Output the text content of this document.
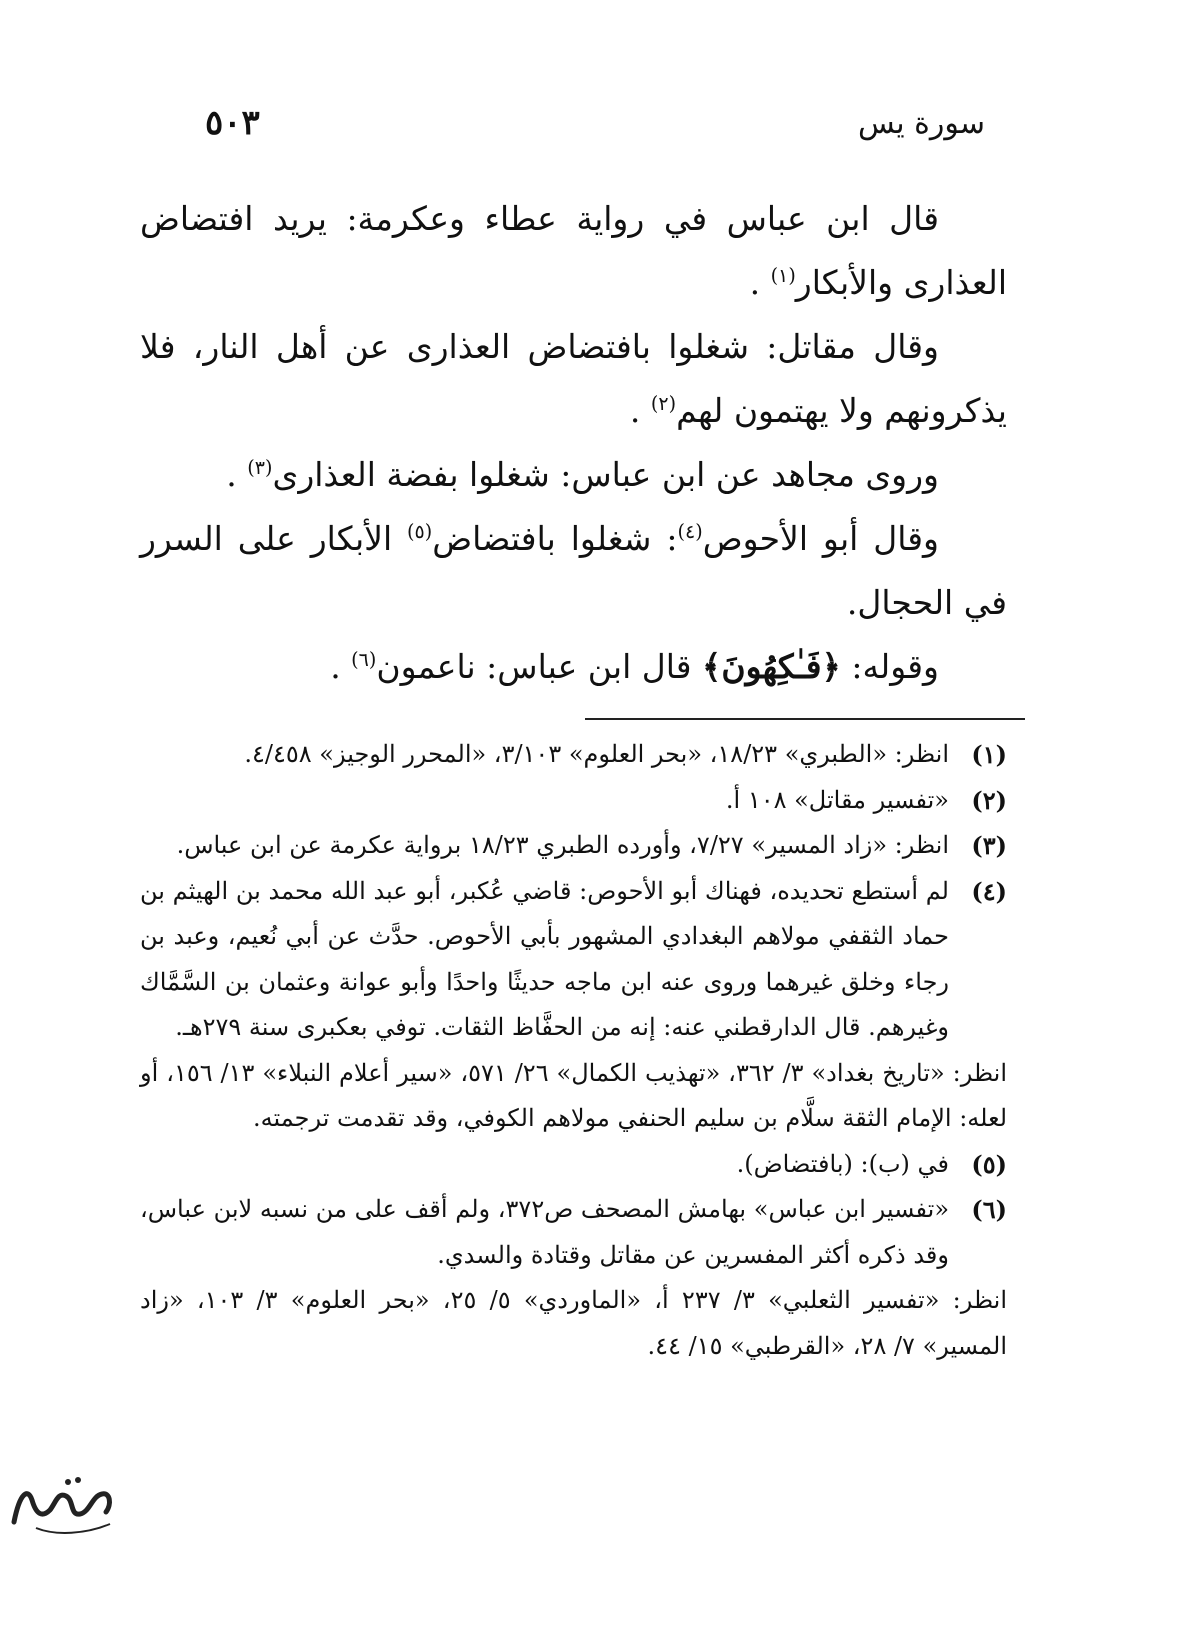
سورة يس
٥٠٣

قال ابن عباس في رواية عطاء وعكرمة: يريد افتضاض العذارى والأبكار$^{(١)}$ .

وقال مقاتل: شغلوا بافتضاض العذارى عن أهل النار، فلا يذكرونهم ولا يهتمون لهم$^{(٢)}$ .

وروى مجاهد عن ابن عباس: شغلوا بفضة العذارى$^{(٣)}$ .

وقال أبو الأحوص$^{(٤)}$: شغلوا بافتضاض$^{(٥)}$ الأبكار على السرر في الحجال.

وقوله: ﴿فَـٰكِهُونَ﴾ قال ابن عباس: ناعمون$^{(٦)}$ .

(١)

انظر: «الطبري» ١٨/٢٣، «بحر العلوم» ٣/١٠٣، «المحرر الوجيز» ٤/٤٥٨.

(٢)

«تفسير مقاتل» ١٠٨ أ.

(٣)

انظر: «زاد المسير» ٧/٢٧، وأورده الطبري ١٨/٢٣ برواية عكرمة عن ابن عباس.

(٤)

لم أستطع تحديده، فهناك أبو الأحوص: قاضي عُكبر، أبو عبد الله محمد بن الهيثم بن حماد الثقفي مولاهم البغدادي المشهور بأبي الأحوص. حدَّث عن أبي نُعيم، وعبد بن رجاء وخلق غيرهما وروى عنه ابن ماجه حديثًا واحدًا وأبو عوانة وعثمان بن السَّمَّاك وغيرهم. قال الدارقطني عنه: إنه من الحفَّاظ الثقات. توفي بعكبرى سنة ٢٧٩هـ.

انظر: «تاريخ بغداد» ٣/ ٣٦٢، «تهذيب الكمال» ٢٦/ ٥٧١، «سير أعلام النبلاء» ١٣/ ١٥٦، أو لعله: الإمام الثقة سلَّام بن سليم الحنفي مولاهم الكوفي، وقد تقدمت ترجمته.

(٥)

في (ب): (بافتضاض).

(٦)

«تفسير ابن عباس» بهامش المصحف ص٣٧٢، ولم أقف على من نسبه لابن عباس، وقد ذكره أكثر المفسرين عن مقاتل وقتادة والسدي.

انظر: «تفسير الثعلبي» ٣/ ٢٣٧ أ، «الماوردي» ٥/ ٢٥، «بحر العلوم» ٣/ ١٠٣، «زاد المسير» ٧/ ٢٨، «القرطبي» ١٥/ ٤٤.
